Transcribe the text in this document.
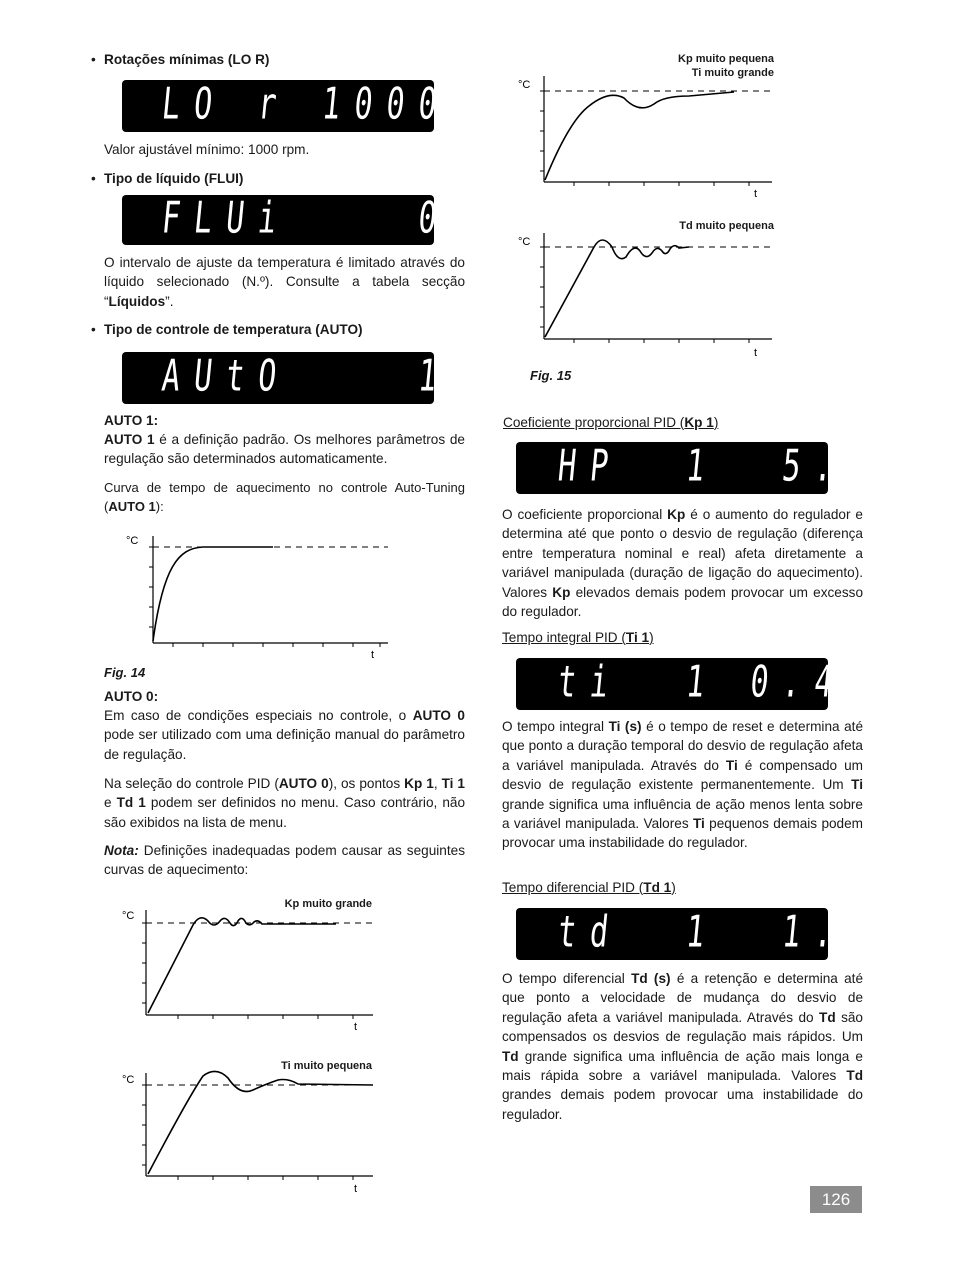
• Rotações mínimas (LO R)
LO r 1000
Valor ajustável mínimo: 1000 rpm.
• Tipo de líquido (FLUI)
FLUi    0
O intervalo de ajuste da temperatura é limitado através do líquido selecionado (N.º). Consulte a tabela secção “Líquidos”.
• Tipo de controle de temperatura (AUTO)
AUtO    1
AUTO 1:
AUTO 1 é a definição padrão. Os melhores parâmetros de regulação são determinados automaticamente.
Curva de tempo de aquecimento no controle Auto-Tuning (AUTO 1):
°C
t
Fig. 14
AUTO 0:
Em caso de condições especiais no controle, o AUTO 0 pode ser utilizado com uma definição manual do parâmetro de regulação.
Na seleção do controle PID (AUTO 0), os pontos Kp 1, Ti 1 e Td 1 podem ser definidos no menu. Caso contrário, não são exibidos na lista de menu.
Nota: Definições inadequadas podem causar as seguintes curvas de aquecimento:
Kp muito grande
°C
t
Ti muito pequena
°C
t
Kp muito pequena
Ti muito grande
°C
t
Td muito pequena
°C
t
Fig. 15
Coeficiente proporcional PID (Kp 1)
HP  1  5.0
O coeficiente proporcional Kp é o aumento do regulador e determina até que ponto o desvio de regulação (diferença entre temperatura nominal e real) afeta diretamente a variável manipulada (duração de ligação do aquecimento). Valores Kp elevados demais podem provocar um excesso do regulador.
Tempo integral PID (Ti 1)
ti  1 0.40
O tempo integral Ti (s) é o tempo de reset e determina até que ponto a duração temporal do desvio de regulação afeta a variável manipulada. Através do Ti é compensado um desvio de regulação existente permanentemente. Um Ti grande significa uma influência de ação menos lenta sobre a variável manipulada. Valores Ti pequenos demais podem provocar uma instabilidade do regulador.
Tempo diferencial PID (Td 1)
td  1  1.0
O tempo diferencial Td (s) é a retenção e determina até que ponto a velocidade de mudança do desvio de regulação afeta a variável manipulada. Através do Td são compensados os desvios de regulação mais rápidos. Um Td grande significa uma influência de ação mais longa e mais rápida sobre a variável manipulada. Valores Td grandes demais podem provocar uma instabilidade do regulador.
126
